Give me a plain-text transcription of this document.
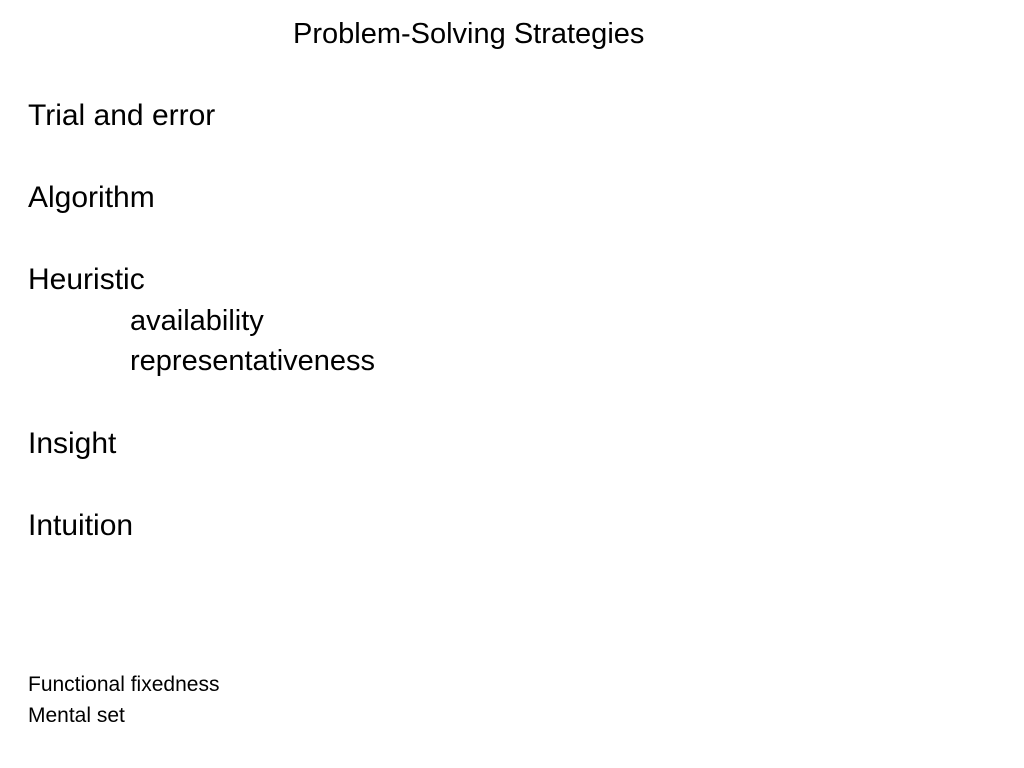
Problem-Solving Strategies
Trial and error
Algorithm
Heuristic
availability
representativeness
Insight
Intuition
Functional fixedness
Mental set
